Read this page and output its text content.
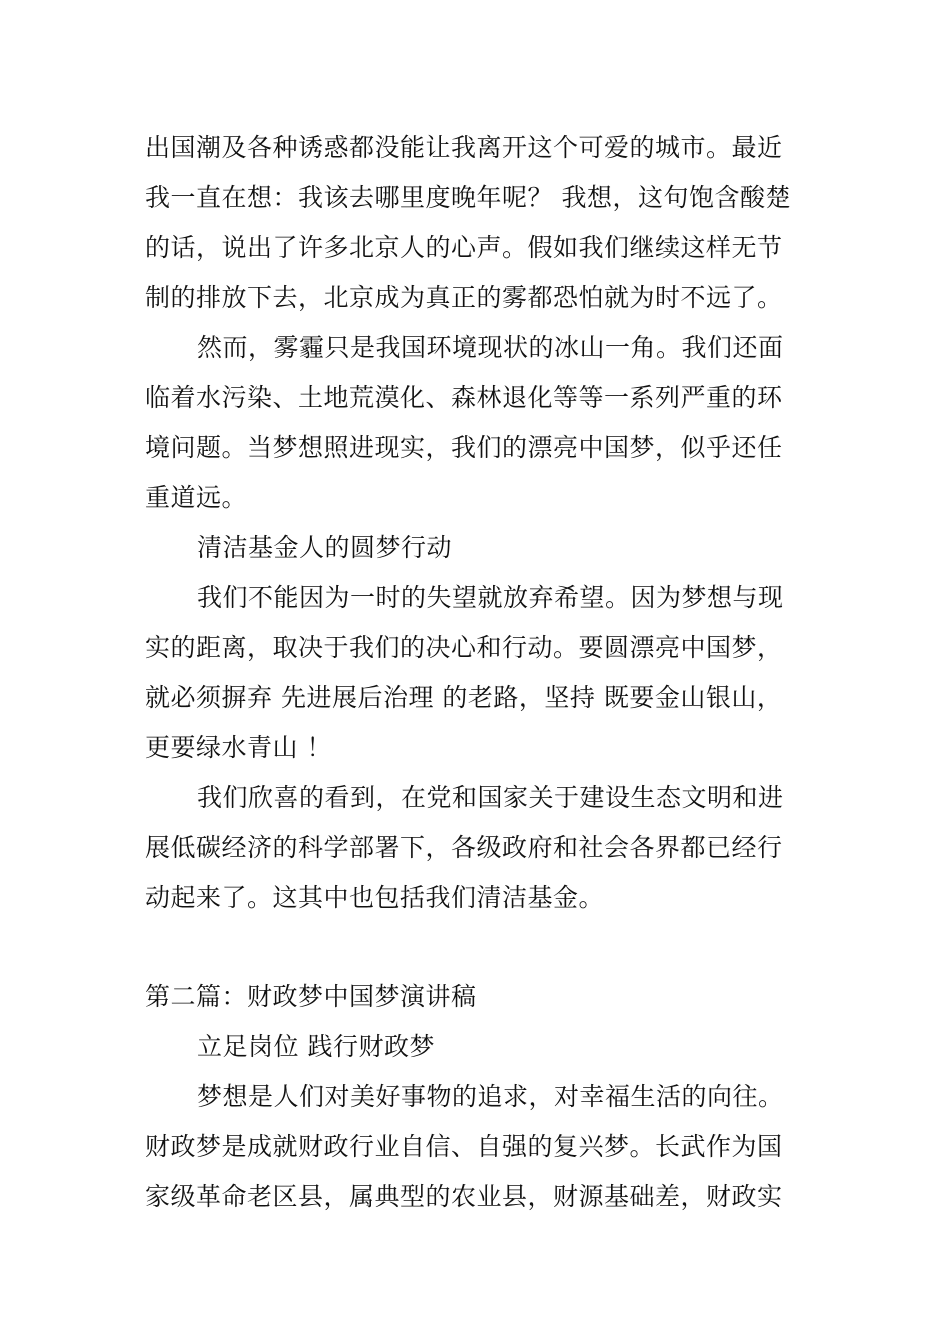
出国潮及各种诱惑都没能让我离开这个可爱的城市。最近
我一直在想：我该去哪里度晚年呢？ 我想，这句饱含酸楚
的话，说出了许多北京人的心声。假如我们继续这样无节
制的排放下去，北京成为真正的雾都恐怕就为时不远了。
然而，雾霾只是我国环境现状的冰山一角。我们还面
临着水污染、土地荒漠化、森林退化等等一系列严重的环
境问题。当梦想照进现实，我们的漂亮中国梦，似乎还任
重道远。
清洁基金人的圆梦行动
我们不能因为一时的失望就放弃希望。因为梦想与现
实的距离，取决于我们的决心和行动。要圆漂亮中国梦，
就必须摒弃 先进展后治理 的老路，坚持 既要金山银山，
更要绿水青山 ！
我们欣喜的看到，在党和国家关于建设生态文明和进
展低碳经济的科学部署下，各级政府和社会各界都已经行
动起来了。这其中也包括我们清洁基金。
第二篇：财政梦中国梦演讲稿
立足岗位 践行财政梦
梦想是人们对美好事物的追求，对幸福生活的向往。
财政梦是成就财政行业自信、自强的复兴梦。长武作为国
家级革命老区县，属典型的农业县，财源基础差，财政实
